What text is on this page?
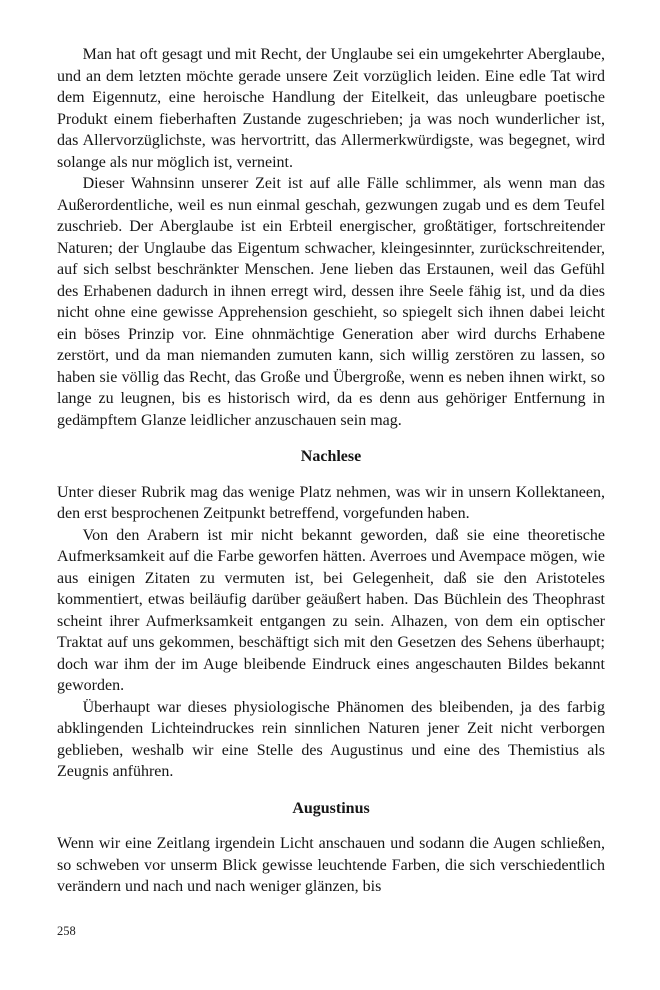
Man hat oft gesagt und mit Recht, der Unglaube sei ein umgekehrter Aberglaube, und an dem letzten möchte gerade unsere Zeit vorzüglich leiden. Eine edle Tat wird dem Eigennutz, eine heroische Handlung der Eitelkeit, das unleugbare poetische Produkt einem fieberhaften Zustande zugeschrieben; ja was noch wunderlicher ist, das Allervorzüglichste, was hervortritt, das Allermerkwürdigste, was begegnet, wird solange als nur möglich ist, verneint.

Dieser Wahnsinn unserer Zeit ist auf alle Fälle schlimmer, als wenn man das Außerordentliche, weil es nun einmal geschah, gezwungen zugab und es dem Teufel zuschrieb. Der Aberglaube ist ein Erbteil energischer, großtätiger, fortschreitender Naturen; der Unglaube das Eigentum schwacher, kleingesinnter, zurückschreitender, auf sich selbst beschränkter Menschen. Jene lieben das Erstaunen, weil das Gefühl des Erhabenen dadurch in ihnen erregt wird, dessen ihre Seele fähig ist, und da dies nicht ohne eine gewisse Apprehension geschieht, so spiegelt sich ihnen dabei leicht ein böses Prinzip vor. Eine ohnmächtige Generation aber wird durchs Erhabene zerstört, und da man niemanden zumuten kann, sich willig zerstören zu lassen, so haben sie völlig das Recht, das Große und Übergroße, wenn es neben ihnen wirkt, so lange zu leugnen, bis es historisch wird, da es denn aus gehöriger Entfernung in gedämpftem Glanze leidlicher anzuschauen sein mag.

Nachlese

Unter dieser Rubrik mag das wenige Platz nehmen, was wir in unsern Kollektaneen, den erst besprochenen Zeitpunkt betreffend, vorgefunden haben.

Von den Arabern ist mir nicht bekannt geworden, daß sie eine theoretische Aufmerksamkeit auf die Farbe geworfen hätten. Averroes und Avempace mögen, wie aus einigen Zitaten zu vermuten ist, bei Gelegenheit, daß sie den Aristoteles kommentiert, etwas beiläufig darüber geäußert haben. Das Büchlein des Theophrast scheint ihrer Aufmerksamkeit entgangen zu sein. Alhazen, von dem ein optischer Traktat auf uns gekommen, beschäftigt sich mit den Gesetzen des Sehens überhaupt; doch war ihm der im Auge bleibende Eindruck eines angeschauten Bildes bekannt geworden.

Überhaupt war dieses physiologische Phänomen des bleibenden, ja des farbig abklingenden Lichteindruckes rein sinnlichen Naturen jener Zeit nicht verborgen geblieben, weshalb wir eine Stelle des Augustinus und eine des Themistius als Zeugnis anführen.

Augustinus

Wenn wir eine Zeitlang irgendein Licht anschauen und sodann die Augen schließen, so schweben vor unserm Blick gewisse leuchtende Farben, die sich verschiedentlich verändern und nach und nach weniger glänzen, bis

258
